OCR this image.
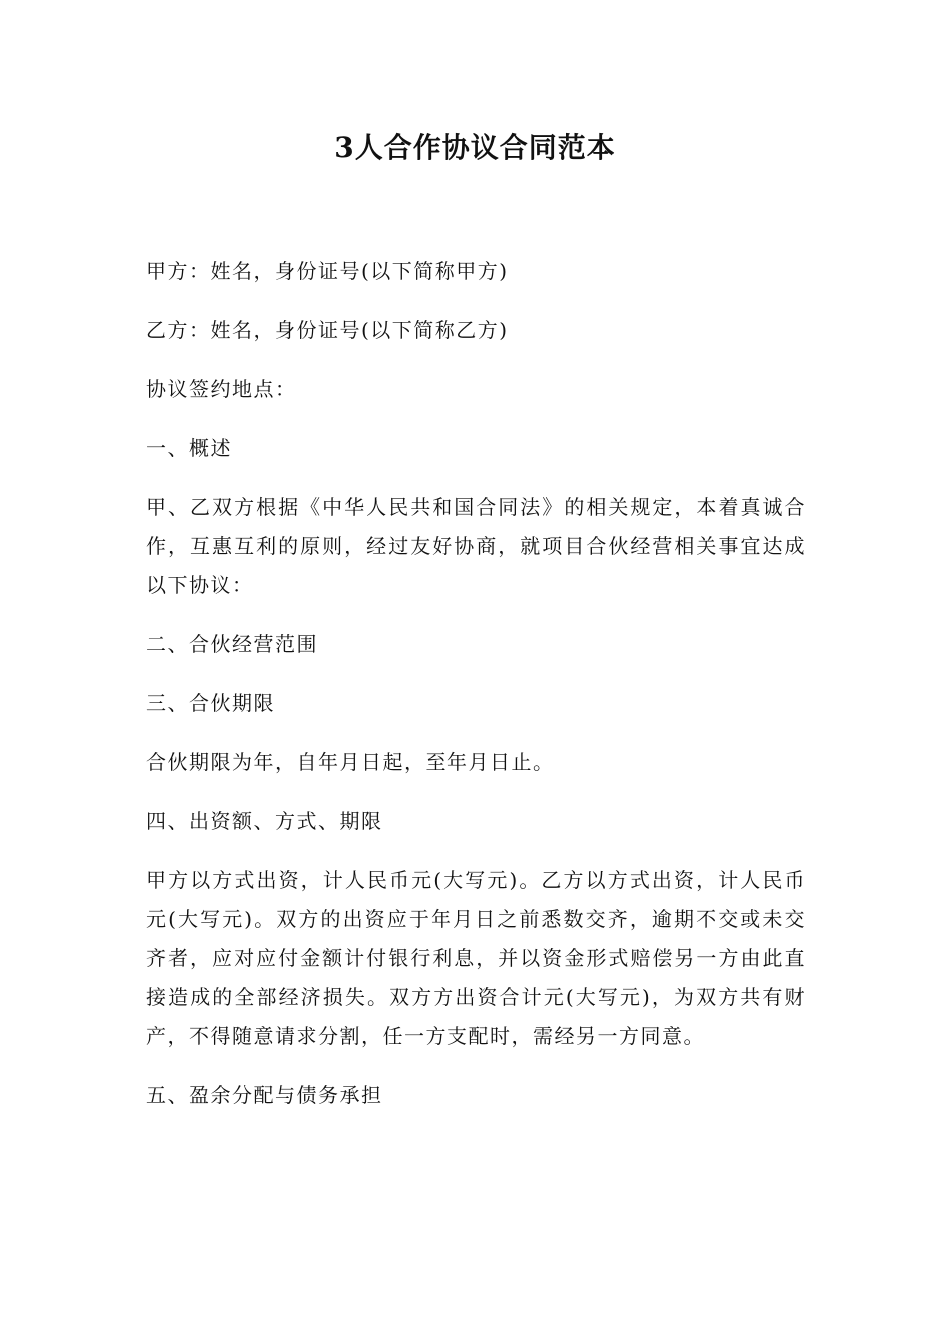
3人合作协议合同范本

甲方：姓名，身份证号(以下简称甲方)

乙方：姓名，身份证号(以下简称乙方)

协议签约地点：

一、概述

甲、乙双方根据《中华人民共和国合同法》的相关规定，本着真诚合作，互惠互利的原则，经过友好协商，就项目合伙经营相关事宜达成以下协议：

二、合伙经营范围

三、合伙期限

合伙期限为年，自年月日起，至年月日止。

四、出资额、方式、期限

甲方以方式出资，计人民币元(大写元)。乙方以方式出资，计人民币元(大写元)。双方的出资应于年月日之前悉数交齐，逾期不交或未交齐者，应对应付金额计付银行利息，并以资金形式赔偿另一方由此直接造成的全部经济损失。双方方出资合计元(大写元)，为双方共有财产，不得随意请求分割，任一方支配时，需经另一方同意。

五、盈余分配与债务承担
